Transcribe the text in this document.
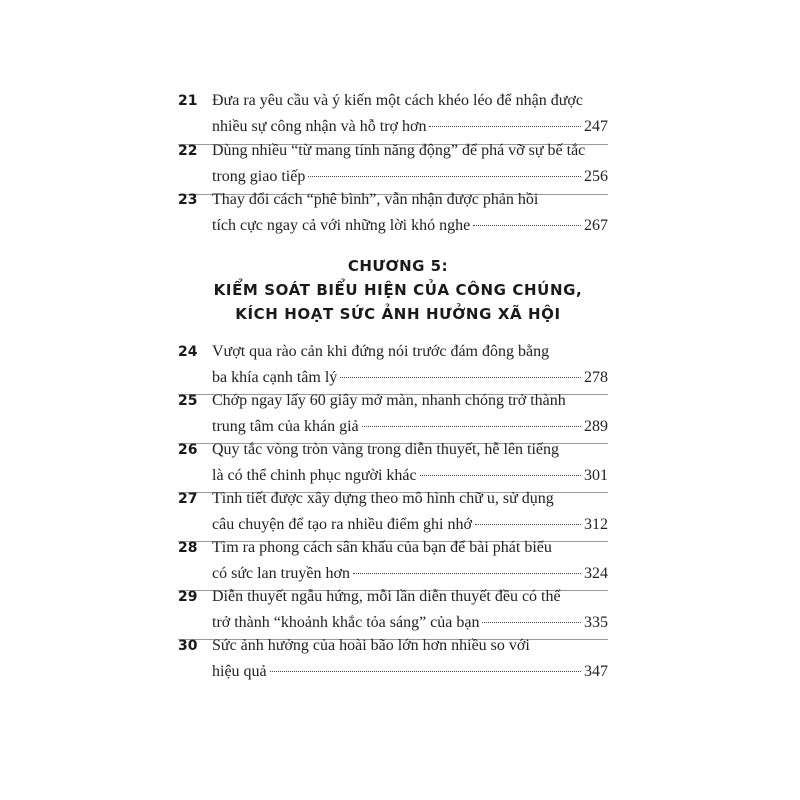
21 Đưa ra yêu cầu và ý kiến một cách khéo léo để nhận được
nhiều sự công nhận và hỗ trợ hơn	247
22 Dùng nhiều “từ mang tính năng động” để phá vỡ sự bế tắc
trong giao tiếp	256
23 Thay đổi cách “phê bình”, vẫn nhận được phản hồi
tích cực ngay cả với những lời khó nghe	267
CHƯƠNG 5:
KIỂM SOÁT BIỂU HIỆN CỦA CÔNG CHÚNG,
KÍCH HOẠT SỨC ẢNH HƯỞNG XÃ HỘI
24 Vượt qua rào cản khi đứng nói trước đám đông bằng
ba khía cạnh tâm lý	278
25 Chớp ngay lấy 60 giây mở màn, nhanh chóng trở thành
trung tâm của khán giả	289
26 Quy tắc vòng tròn vàng trong diễn thuyết, hễ lên tiếng
là có thể chinh phục người khác	301
27 Tình tiết được xây dựng theo mô hình chữ u, sử dụng
câu chuyện để tạo ra nhiều điểm ghi nhớ	312
28 Tìm ra phong cách sân khấu của bạn để bài phát biểu
có sức lan truyền hơn	324
29 Diễn thuyết ngẫu hứng, mỗi lần diễn thuyết đều có thể
trở thành “khoảnh khắc tỏa sáng” của bạn	335
30 Sức ảnh hưởng của hoài bão lớn hơn nhiều so với
hiệu quả	347
